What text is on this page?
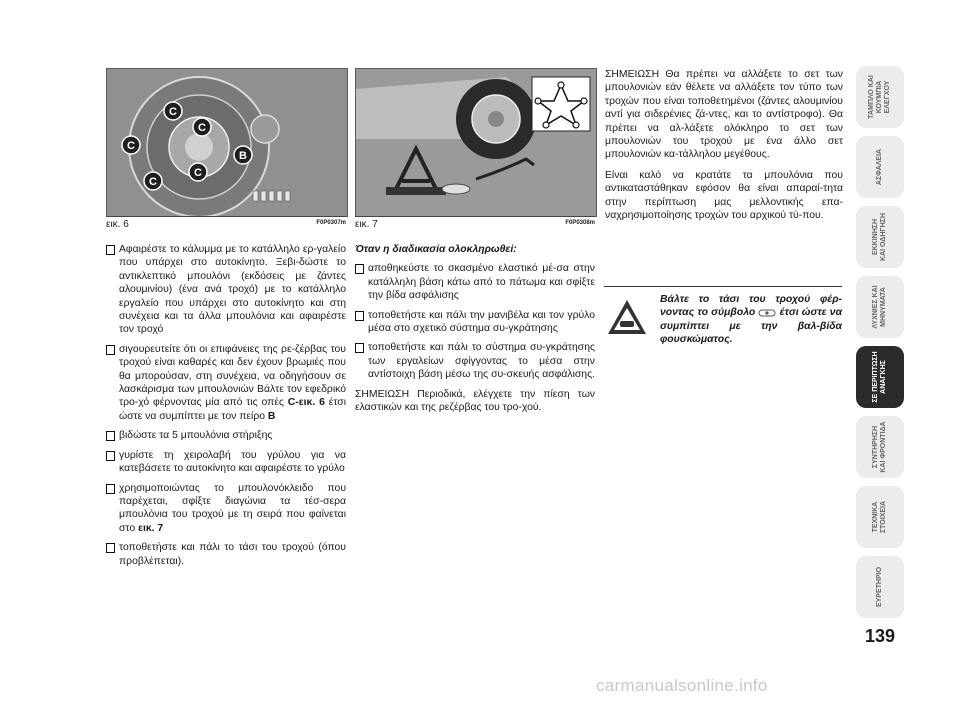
C
C
C
C
C
B
εικ. 6	F0P0307m εικ. 7	F0P0308m
Αφαιρέστε το κάλυμμα με το κατάλληλο ερ-γαλείο που υπάρχει στο αυτοκίνητο. Ξεβι-δώστε το αντικλεπτικό μπουλόνι (εκδόσεις με ζάντες αλουμινίου) (ένα ανά τροχό) με το κατάλληλο εργαλείο που υπάρχει στο αυτοκίνητο και στη συνέχεια και τα άλλα μπουλόνια και αφαιρέστε τον τροχό
σιγουρευτείτε ότι οι επιφάνειες της ρε-ζέρβας του τροχού είναι καθαρές και δεν έχουν βρωμιές που θα μπορούσαν, στη συνέχεια, να οδηγήσουν σε λασκάρισμα των μπουλονιών Βάλτε τον εφεδρικό τρο-χό φέρνοντας μία από τις οπές C-εικ. 6 έτσι ώστε να συμπίπτει με τον πείρο B
βιδώστε τα 5 μπουλόνια στήριξης
γυρίστε τη χειρολαβή του γρύλου για να κατεβάσετε το αυτοκίνητο και αφαιρέστε το γρύλο
χρησιμοποιώντας το μπουλονόκλειδο που παρέχεται, σφίξτε διαγώνια τα τέσ-σερα μπουλόνια του τροχού με τη σειρά που φαίνεται στο εικ. 7
τοποθετήστε και πάλι το τάσι του τροχού (όπου προβλέπεται).
Όταν η διαδικασία ολοκληρωθεί:
αποθηκεύστε το σκασμένο ελαστικό μέ-σα στην κατάλληλη βάση κάτω από το πάτωμα και σφίξτε την βίδα ασφάλισης
τοποθετήστε και πάλι την μανιβέλα και τον γρύλο μέσα στο σχετικό σύστημα συ-γκράτησης
τοποθετήστε και πάλι το σύστημα συ-γκράτησης των εργαλείων σφίγγοντας το μέσα στην αντίστοιχη βάση μέσω της συ-σκευής ασφάλισης.

ΣΗΜΕΙΩΣΗ Περιοδικά, ελέγχετε την πίεση των ελαστικών και της ρεζέρβας του τρο-χού.

ΣΗΜΕΙΩΣΗ Θα πρέπει να αλλάξετε το σετ των μπουλονιών εάν θέλετε να αλλάξετε τον τύπο των τροχών που είναι τοποθετημένοι (ζάντες αλουμινίου αντί για σιδερένιες ζά-ντες, και το αντίστροφο). Θα πρέπει να αλ-λάξετε ολόκληρο το σετ των μπουλονιών του τροχού με ένα άλλο σετ μπουλονιών κα-τάλληλου μεγέθους.

Είναι καλό να κρατάτε τα μπουλόνια που αντικαταστάθηκαν εφόσον θα είναι απαραί-τητα στην περίπτωση μας μελλοντικής επα-ναχρησιμοποίησης τροχών του αρχικού τύ-που.

Βάλτε το τάσι του τροχού φέρ-νοντας το σύμβολο έτσι ώστε να συμπίπτει με την βαλ-βίδα φουσκώματος.
ΤΑΜΠΛΟ ΚΑΙ
ΚΟΥΜΠΙΑ
ΕΛΕΓΧΟΥ
ΑΣΦΑΛΕΙΑ
ΕΚΚΙΝΗΣΗ
ΚΑΙ ΟΔΗΓΗΣΗ
ΛΥΧΝΙΕΣ ΚΑΙ
ΜΗΝΥΜΑΤΑ
ΣΕ ΠΕΡΙΠΤΩΣΗ
ΑΝΑΓΚΗΣ
ΣΥΝΤΗΡΗΣΗ
ΚΑΙ ΦΡΟΝΤΙΔΑ
ΤΕΧΝΙΚΑ
ΣΤΟΙΧΕΙΑ
ΕΥΡΕΤΗΡΙΟ
139
carmanualsonline.info
